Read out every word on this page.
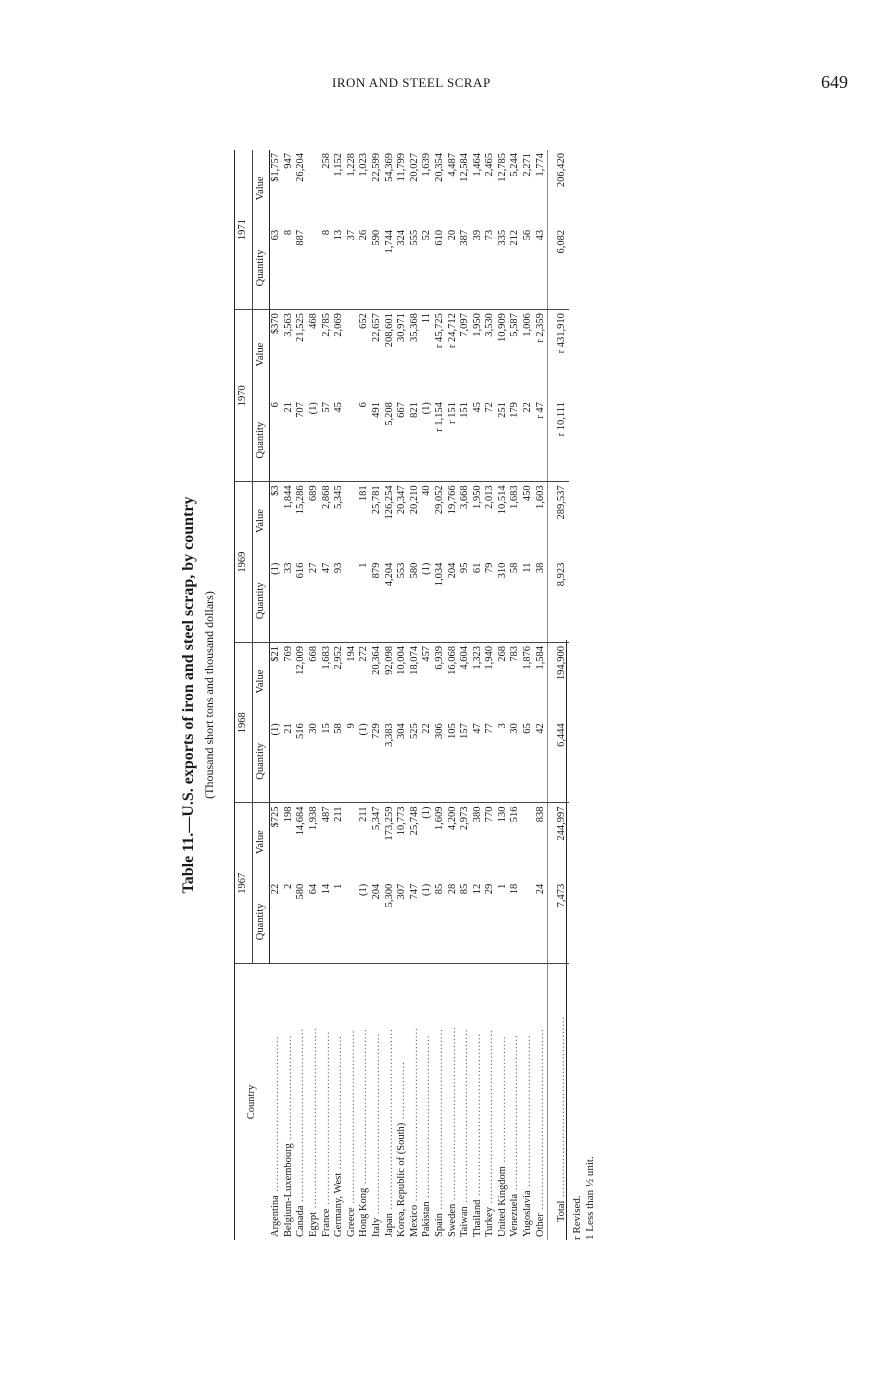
IRON AND STEEL SCRAP	649
Table 11.—U.S. exports of iron and steel scrap, by country (Thousand short tons and thousand dollars)
Country	1967		1968		1969		1970		1971	
	Quantity	Value	Quantity	Value	Quantity	Value	Quantity	Value	Quantity	Value
Argentina ...........................................	22	$725	(1)	$21	(1)	$3	6	$370	63	$1,757
Belgium-Luxembourg .............................	2	198	21	769	33	1,844	21	3,563	8	947
Canada ................................................	580	14,684	516	12,009	616	15,286	707	21,525	887	26,204
Egypt ..................................................	64	1,938	30	668	27	689	(1)	468		
France ................................................	14	487	15	1,683	47	2,868	57	2,785	8	258
Germany, West .....................................	1	211	58	2,952	93	5,345	45	2,069	13	1,152
Greece ................................................			9	194					37	1,228
Hong Kong ...........................................	(1)	211	(1)	272	1	181	6	652	26	1,023
Italy ..................................................	204	5,347	729	20,364	879	25,781	491	22,657	590	22,599
Japan ..................................................	5,300	173,259	3,383	92,098	4,204	126,254	5,208	208,601	1,744	54,369
Korea, Republic of (South) ................	307	10,773	304	10,004	553	20,347	667	30,971	324	11,799
Mexico ................................................	747	25,748	525	18,074	580	20,210	821	35,368	555	20,027
Pakistan .............................................	(1)	(1)	22	457	(1)	40	(1)	11	52	1,639
Spain ..................................................	85	1,609	306	6,939	1,034	29,052	r 1,154	r 45,725	610	20,354
Sweden ................................................	28	4,200	105	16,068	204	19,766	r 151	r 24,712	20	4,487
Taiwan ................................................	85	2,973	157	4,604	95	3,668	151	7,097	387	12,584
Thailand .............................................	12	380	47	1,323	61	1,950	45	1,950	39	1,464
Turkey ................................................	29	770	77	1,940	79	2,013	72	3,530	73	2,465
United Kingdom ...................................	1	130	3	268	310	10,514	251	10,909	335	12,785
Venezuela ...........................................	18	516	30	783	58	1,683	179	5,587	212	5,244
Yugoslavia ..........................................			65	1,876	11	450	22	1,006	56	2,271
Other ..................................................	24	838	42	1,584	38	1,603	r 47	r 2,359	43	1,774
Total ..................................................	7,473	244,997	6,444	194,900	8,923	289,537	r 10,111	r 431,910	6,082	206,420
r Revised. 1 Less than ½ unit.
